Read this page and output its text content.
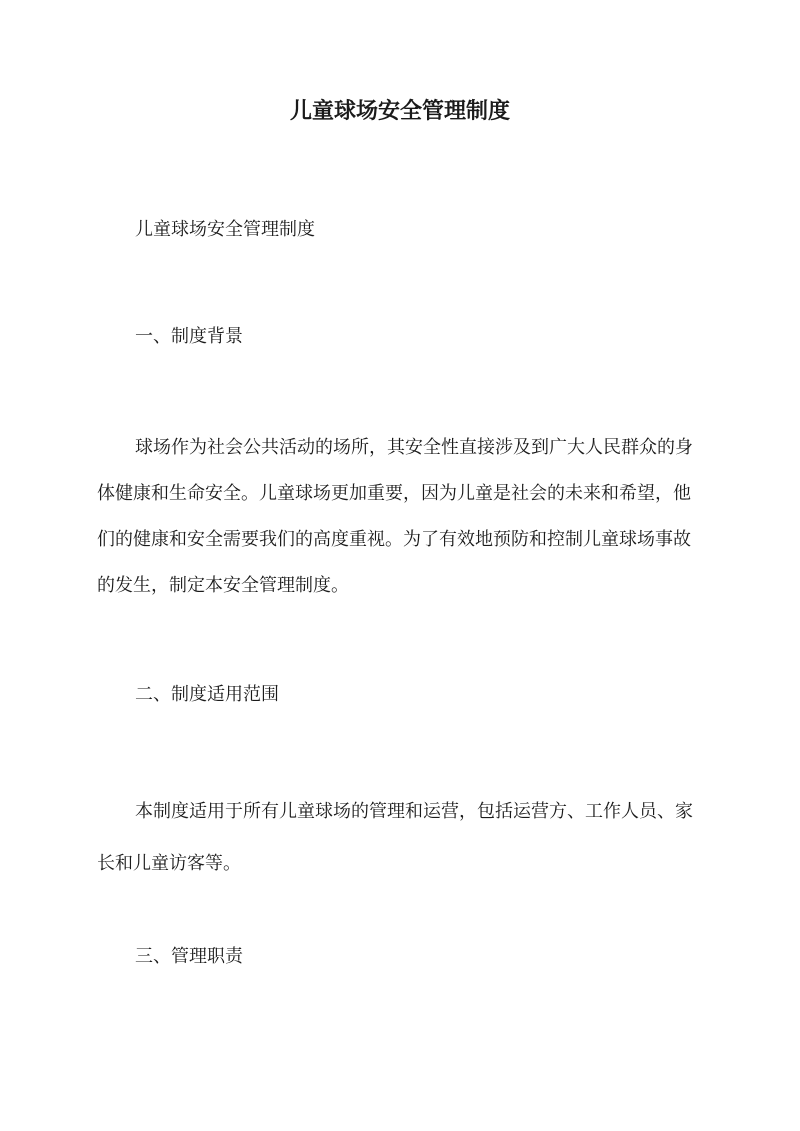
儿童球场安全管理制度

儿童球场安全管理制度

一、制度背景

球场作为社会公共活动的场所，其安全性直接涉及到广大人民群众的身体健康和生命安全。儿童球场更加重要，因为儿童是社会的未来和希望，他们的健康和安全需要我们的高度重视。为了有效地预防和控制儿童球场事故的发生，制定本安全管理制度。

二、制度适用范围

本制度适用于所有儿童球场的管理和运营，包括运营方、工作人员、家长和儿童访客等。

三、管理职责
